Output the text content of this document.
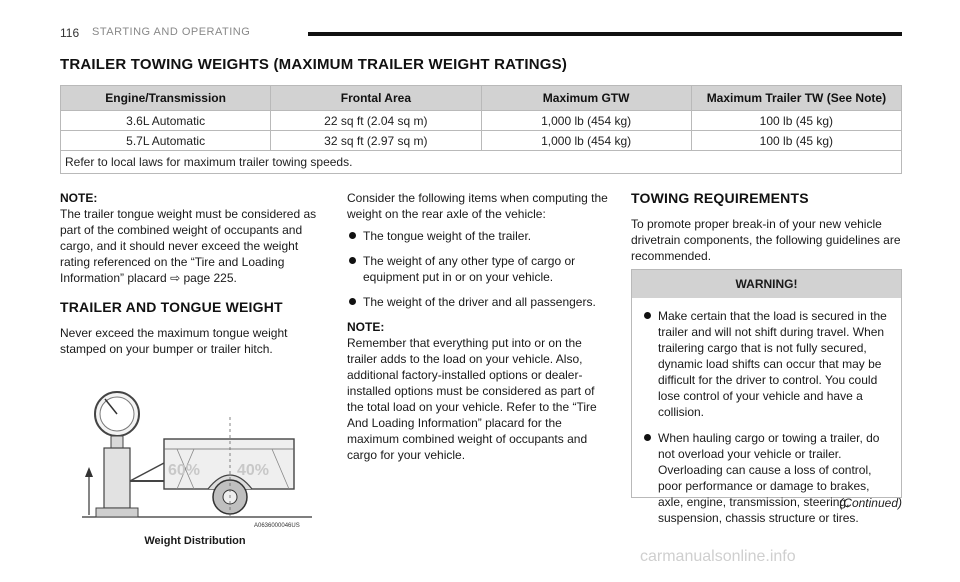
116 STARTING AND OPERATING
TRAILER TOWING WEIGHTS (MAXIMUM TRAILER WEIGHT RATINGS)
Engine/Transmission	Frontal Area	Maximum GTW	Maximum Trailer TW (See Note)
3.6L Automatic	22 sq ft (2.04 sq m)	1,000 lb (454 kg)	100 lb (45 kg)
5.7L Automatic	32 sq ft (2.97 sq m)	1,000 lb (454 kg)	100 lb (45 kg)
Refer to local laws for maximum trailer towing speeds.			
NOTE:

The trailer tongue weight must be considered as part of the combined weight of occupants and cargo, and it should never exceed the weight rating referenced on the “Tire and Loading Information” placard ⇨ page 225.

TRAILER AND TONGUE WEIGHT

Never exceed the maximum tongue weight stamped on your bumper or trailer hitch.

60% 40%
A0636000046US
Weight Distribution

Consider the following items when computing the weight on the rear axle of the vehicle:

The tongue weight of the trailer.
The weight of any other type of cargo or equipment put in or on your vehicle.
The weight of the driver and all passengers.
NOTE:

Remember that everything put into or on the trailer adds to the load on your vehicle. Also, additional factory-installed options or dealer-installed options must be considered as part of the total load on your vehicle. Refer to the “Tire And Loading Information” placard for the maximum combined weight of occupants and cargo for your vehicle.

TOWING REQUIREMENTS

To promote proper break-in of your new vehicle drivetrain components, the following guidelines are recommended.

WARNING!
Make certain that the load is secured in the trailer and will not shift during travel. When trailering cargo that is not fully secured, dynamic load shifts can occur that may be difficult for the driver to control. You could lose control of your vehicle and have a collision.
When hauling cargo or towing a trailer, do not overload your vehicle or trailer. Overloading can cause a loss of control, poor performance or damage to brakes, axle, engine, transmission, steering, suspension, chassis structure or tires.
(Continued)
carmanualsonline.info
